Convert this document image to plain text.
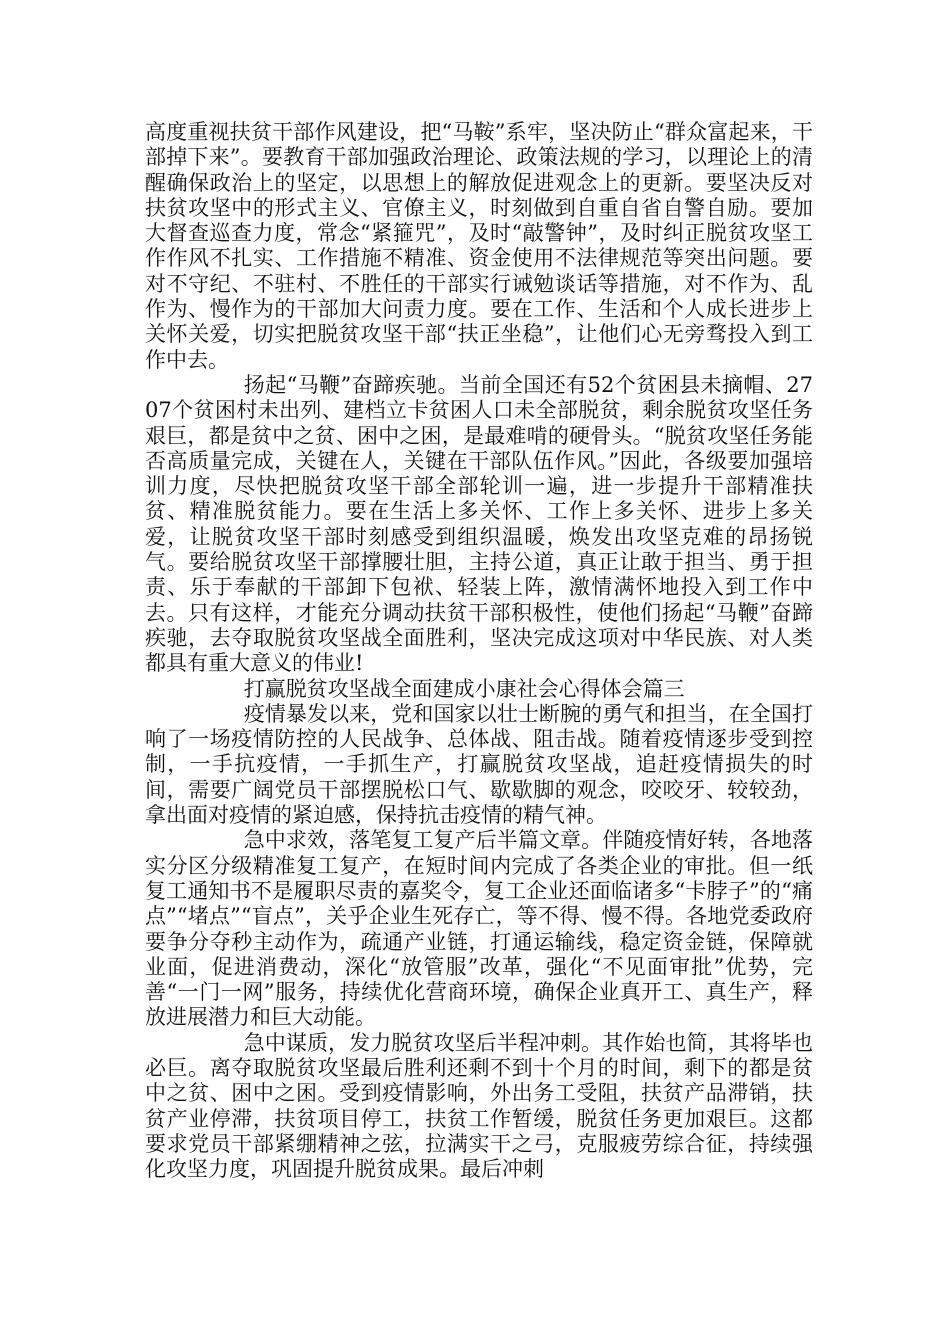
高度重视扶贫干部作风建设，把“马鞍”系牢，坚决防止“群众富起来，干部掉下来”。要教育干部加强政治理论、政策法规的学习，以理论上的清醒确保政治上的坚定，以思想上的解放促进观念上的更新。要坚决反对扶贫攻坚中的形式主义、官僚主义，时刻做到自重自省自警自励。要加大督查巡查力度，常念“紧箍咒”，及时“敲警钟”，及时纠正脱贫攻坚工作作风不扎实、工作措施不精准、资金使用不法律规范等突出问题。要对不守纪、不驻村、不胜任的干部实行诫勉谈话等措施，对不作为、乱作为、慢作为的干部加大问责力度。要在工作、生活和个人成长进步上关怀关爱，切实把脱贫攻坚干部“扶正坐稳”，让他们心无旁骛投入到工作中去。

扬起“马鞭”奋蹄疾驰。当前全国还有52个贫困县未摘帽、2707个贫困村未出列、建档立卡贫困人口未全部脱贫，剩余脱贫攻坚任务艰巨，都是贫中之贫、困中之困，是最难啃的硬骨头。“脱贫攻坚任务能否高质量完成，关键在人，关键在干部队伍作风。”因此，各级要加强培训力度，尽快把脱贫攻坚干部全部轮训一遍，进一步提升干部精准扶贫、精准脱贫能力。要在生活上多关怀、工作上多关怀、进步上多关爱，让脱贫攻坚干部时刻感受到组织温暖，焕发出攻坚克难的昂扬锐气。要给脱贫攻坚干部撑腰壮胆，主持公道，真正让敢于担当、勇于担责、乐于奉献的干部卸下包袱、轻装上阵，激情满怀地投入到工作中去。只有这样，才能充分调动扶贫干部积极性，使他们扬起“马鞭”奋蹄疾驰，去夺取脱贫攻坚战全面胜利，坚决完成这项对中华民族、对人类都具有重大意义的伟业!

打赢脱贫攻坚战全面建成小康社会心得体会篇三

疫情暴发以来，党和国家以壮士断腕的勇气和担当，在全国打响了一场疫情防控的人民战争、总体战、阻击战。随着疫情逐步受到控制，一手抗疫情，一手抓生产，打赢脱贫攻坚战，追赶疫情损失的时间，需要广阔党员干部摆脱松口气、歇歇脚的观念，咬咬牙、较较劲，拿出面对疫情的紧迫感，保持抗击疫情的精气神。

急中求效，落笔复工复产后半篇文章。伴随疫情好转，各地落实分区分级精准复工复产，在短时间内完成了各类企业的审批。但一纸复工通知书不是履职尽责的嘉奖令，复工企业还面临诸多“卡脖子”的“痛点”“堵点”“盲点”，关乎企业生死存亡，等不得、慢不得。各地党委政府要争分夺秒主动作为，疏通产业链，打通运输线，稳定资金链，保障就业面，促进消费动，深化“放管服”改革，强化“不见面审批”优势，完善“一门一网”服务，持续优化营商环境，确保企业真开工、真生产，释放进展潜力和巨大动能。

急中谋质，发力脱贫攻坚后半程冲刺。其作始也简，其将毕也必巨。离夺取脱贫攻坚最后胜利还剩不到十个月的时间，剩下的都是贫中之贫、困中之困。受到疫情影响，外出务工受阻，扶贫产品滞销，扶贫产业停滞，扶贫项目停工，扶贫工作暂缓，脱贫任务更加艰巨。这都要求党员干部紧绷精神之弦，拉满实干之弓，克服疲劳综合征，持续强化攻坚力度，巩固提升脱贫成果。最后冲刺
